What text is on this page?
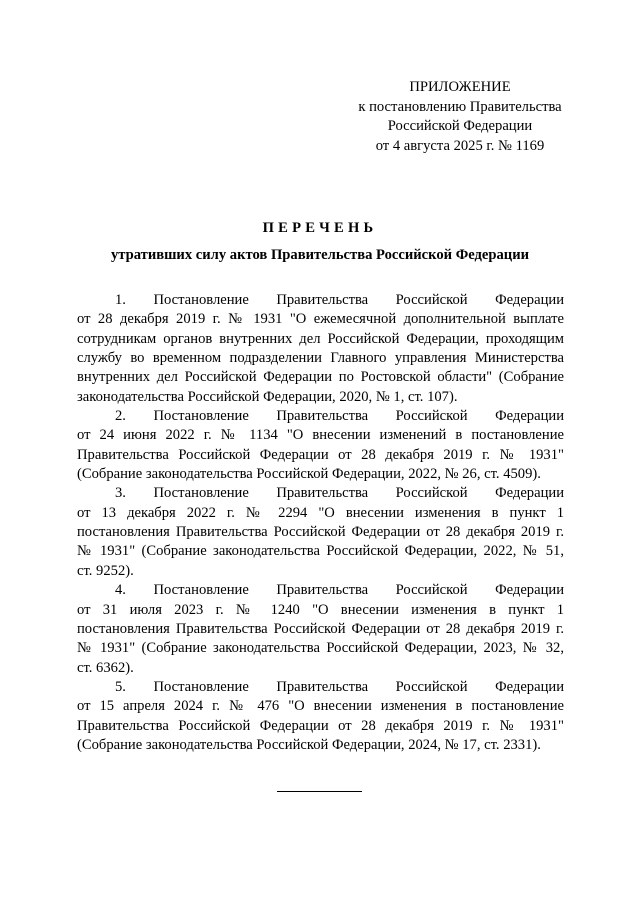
ПРИЛОЖЕНИЕ
к постановлению Правительства
Российской Федерации
от 4 августа 2025 г. № 1169
ПЕРЕЧЕНЬ
утративших силу актов Правительства Российской Федерации
1. Постановление Правительства Российской Федерации
от 28 декабря 2019 г. № 1931 "О ежемесячной дополнительной выплате
сотрудникам органов внутренних дел Российской Федерации, проходящим
службу во временном подразделении Главного управления Министерства
внутренних дел Российской Федерации по Ростовской области" (Собрание
законодательства Российской Федерации, 2020, № 1, ст. 107).
2. Постановление Правительства Российской Федерации
от 24 июня 2022 г. № 1134 "О внесении изменений в постановление
Правительства Российской Федерации от 28 декабря 2019 г. № 1931"
(Собрание законодательства Российской Федерации, 2022, № 26, ст. 4509).
3. Постановление Правительства Российской Федерации
от 13 декабря 2022 г. № 2294 "О внесении изменения в пункт 1
постановления Правительства Российской Федерации от 28 декабря 2019 г.
№ 1931" (Собрание законодательства Российской Федерации, 2022, № 51,
ст. 9252).
4. Постановление Правительства Российской Федерации
от 31 июля 2023 г. № 1240 "О внесении изменения в пункт 1
постановления Правительства Российской Федерации от 28 декабря 2019 г.
№ 1931" (Собрание законодательства Российской Федерации, 2023, № 32,
ст. 6362).
5. Постановление Правительства Российской Федерации
от 15 апреля 2024 г. № 476 "О внесении изменения в постановление
Правительства Российской Федерации от 28 декабря 2019 г. № 1931"
(Собрание законодательства Российской Федерации, 2024, № 17, ст. 2331).
